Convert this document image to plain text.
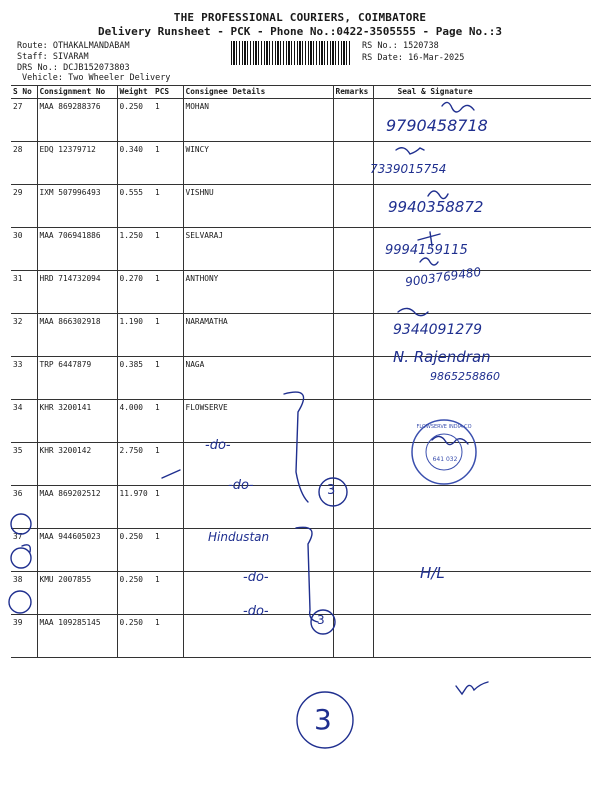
THE PROFESSIONAL COURIERS, COIMBATORE
Delivery Runsheet - PCK - Phone No.:0422-3505555 - Page No.:3
Route: OTHAKALMANDABAM
Staff: SIVARAM
DRS No.: DCJB152073803
Vehicle: Two Wheeler Delivery
RS No.: 1520738
RS Date: 16-Mar-2025
S No	Consignment No	Weight	PCS	Consignee Details	Remarks	Seal & Signature
27	MAA 869288376	0.250	1	MOHAN		
28	EDQ 12379712	0.340	1	WINCY		
29	IXM 507996493	0.555	1	VISHNU		
30	MAA 706941886	1.250	1	SELVARAJ		
31	HRD 714732094	0.270	1	ANTHONY		
32	MAA 866302918	1.190	1	NARAMATHA		
33	TRP 6447879	0.385	1	NAGA		
34	KHR 3200141	4.000	1	FLOWSERVE		
35	KHR 3200142	2.750	1			
36	MAA 869202512	11.970	1			
37	MAA 944605023	0.250	1			
38	KMU 2007855	0.250	1			
39	MAA 109285145	0.250	1			
9790458718
7339015754
9940358872
9994159115
9003769480
9344091279
N. Rajendran
9865258860
-do-
-do-
Hindustan
-do-
-do-
H/L
3
3
3
FLOWSERVE INDIA CO
641 032
